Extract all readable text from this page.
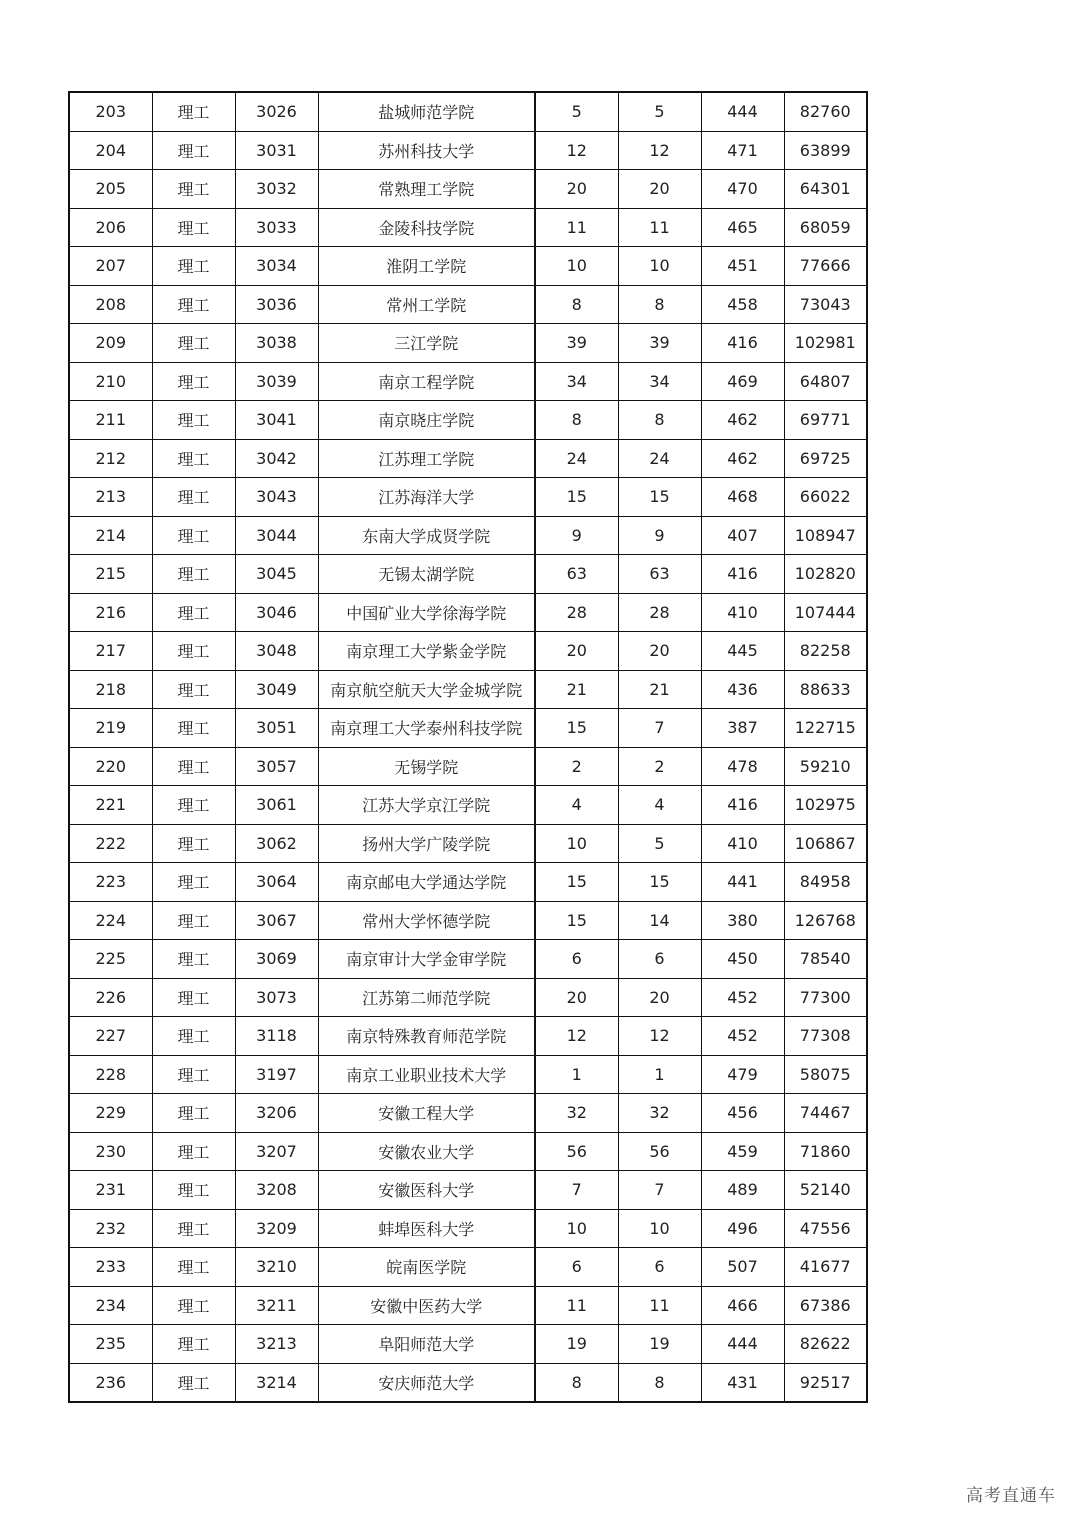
203	理工	3026	盐城师范学院	5	5	444	82760
204	理工	3031	苏州科技大学	12	12	471	63899
205	理工	3032	常熟理工学院	20	20	470	64301
206	理工	3033	金陵科技学院	11	11	465	68059
207	理工	3034	淮阴工学院	10	10	451	77666
208	理工	3036	常州工学院	8	8	458	73043
209	理工	3038	三江学院	39	39	416	102981
210	理工	3039	南京工程学院	34	34	469	64807
211	理工	3041	南京晓庄学院	8	8	462	69771
212	理工	3042	江苏理工学院	24	24	462	69725
213	理工	3043	江苏海洋大学	15	15	468	66022
214	理工	3044	东南大学成贤学院	9	9	407	108947
215	理工	3045	无锡太湖学院	63	63	416	102820
216	理工	3046	中国矿业大学徐海学院	28	28	410	107444
217	理工	3048	南京理工大学紫金学院	20	20	445	82258
218	理工	3049	南京航空航天大学金城学院	21	21	436	88633
219	理工	3051	南京理工大学泰州科技学院	15	7	387	122715
220	理工	3057	无锡学院	2	2	478	59210
221	理工	3061	江苏大学京江学院	4	4	416	102975
222	理工	3062	扬州大学广陵学院	10	5	410	106867
223	理工	3064	南京邮电大学通达学院	15	15	441	84958
224	理工	3067	常州大学怀德学院	15	14	380	126768
225	理工	3069	南京审计大学金审学院	6	6	450	78540
226	理工	3073	江苏第二师范学院	20	20	452	77300
227	理工	3118	南京特殊教育师范学院	12	12	452	77308
228	理工	3197	南京工业职业技术大学	1	1	479	58075
229	理工	3206	安徽工程大学	32	32	456	74467
230	理工	3207	安徽农业大学	56	56	459	71860
231	理工	3208	安徽医科大学	7	7	489	52140
232	理工	3209	蚌埠医科大学	10	10	496	47556
233	理工	3210	皖南医学院	6	6	507	41677
234	理工	3211	安徽中医药大学	11	11	466	67386
235	理工	3213	阜阳师范大学	19	19	444	82622
236	理工	3214	安庆师范大学	8	8	431	92517
高考直通车
